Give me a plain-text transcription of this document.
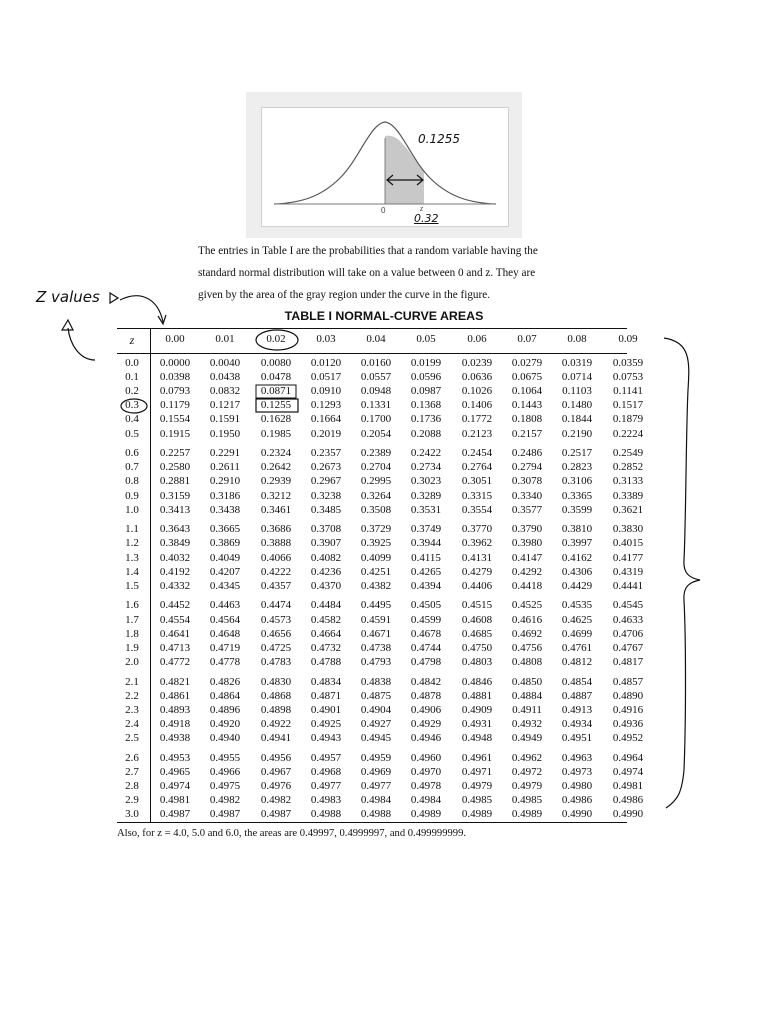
0	z
0.1255
0.32
The entries in Table I are the probabilities that a random variable having the
standard normal distribution will take on a value between 0 and z. They are
given by the area of the gray region under the curve in the figure.
Z values
TABLE I NORMAL-CURVE AREAS
z	0.00	0.01	0.02	0.03	0.04	0.05	0.06	0.07	0.08	0.09
0.0	0.0000	0.0040	0.0080	0.0120	0.0160	0.0199	0.0239	0.0279	0.0319	0.0359
0.1	0.0398	0.0438	0.0478	0.0517	0.0557	0.0596	0.0636	0.0675	0.0714	0.0753
0.2	0.0793	0.0832	0.0871	0.0910	0.0948	0.0987	0.1026	0.1064	0.1103	0.1141
0.3	0.1179	0.1217	0.1255	0.1293	0.1331	0.1368	0.1406	0.1443	0.1480	0.1517
0.4	0.1554	0.1591	0.1628	0.1664	0.1700	0.1736	0.1772	0.1808	0.1844	0.1879
0.5	0.1915	0.1950	0.1985	0.2019	0.2054	0.2088	0.2123	0.2157	0.2190	0.2224
0.6	0.2257	0.2291	0.2324	0.2357	0.2389	0.2422	0.2454	0.2486	0.2517	0.2549
0.7	0.2580	0.2611	0.2642	0.2673	0.2704	0.2734	0.2764	0.2794	0.2823	0.2852
0.8	0.2881	0.2910	0.2939	0.2967	0.2995	0.3023	0.3051	0.3078	0.3106	0.3133
0.9	0.3159	0.3186	0.3212	0.3238	0.3264	0.3289	0.3315	0.3340	0.3365	0.3389
1.0	0.3413	0.3438	0.3461	0.3485	0.3508	0.3531	0.3554	0.3577	0.3599	0.3621
1.1	0.3643	0.3665	0.3686	0.3708	0.3729	0.3749	0.3770	0.3790	0.3810	0.3830
1.2	0.3849	0.3869	0.3888	0.3907	0.3925	0.3944	0.3962	0.3980	0.3997	0.4015
1.3	0.4032	0.4049	0.4066	0.4082	0.4099	0.4115	0.4131	0.4147	0.4162	0.4177
1.4	0.4192	0.4207	0.4222	0.4236	0.4251	0.4265	0.4279	0.4292	0.4306	0.4319
1.5	0.4332	0.4345	0.4357	0.4370	0.4382	0.4394	0.4406	0.4418	0.4429	0.4441
1.6	0.4452	0.4463	0.4474	0.4484	0.4495	0.4505	0.4515	0.4525	0.4535	0.4545
1.7	0.4554	0.4564	0.4573	0.4582	0.4591	0.4599	0.4608	0.4616	0.4625	0.4633
1.8	0.4641	0.4648	0.4656	0.4664	0.4671	0.4678	0.4685	0.4692	0.4699	0.4706
1.9	0.4713	0.4719	0.4725	0.4732	0.4738	0.4744	0.4750	0.4756	0.4761	0.4767
2.0	0.4772	0.4778	0.4783	0.4788	0.4793	0.4798	0.4803	0.4808	0.4812	0.4817
2.1	0.4821	0.4826	0.4830	0.4834	0.4838	0.4842	0.4846	0.4850	0.4854	0.4857
2.2	0.4861	0.4864	0.4868	0.4871	0.4875	0.4878	0.4881	0.4884	0.4887	0.4890
2.3	0.4893	0.4896	0.4898	0.4901	0.4904	0.4906	0.4909	0.4911	0.4913	0.4916
2.4	0.4918	0.4920	0.4922	0.4925	0.4927	0.4929	0.4931	0.4932	0.4934	0.4936
2.5	0.4938	0.4940	0.4941	0.4943	0.4945	0.4946	0.4948	0.4949	0.4951	0.4952
2.6	0.4953	0.4955	0.4956	0.4957	0.4959	0.4960	0.4961	0.4962	0.4963	0.4964
2.7	0.4965	0.4966	0.4967	0.4968	0.4969	0.4970	0.4971	0.4972	0.4973	0.4974
2.8	0.4974	0.4975	0.4976	0.4977	0.4977	0.4978	0.4979	0.4979	0.4980	0.4981
2.9	0.4981	0.4982	0.4982	0.4983	0.4984	0.4984	0.4985	0.4985	0.4986	0.4986
3.0	0.4987	0.4987	0.4987	0.4988	0.4988	0.4989	0.4989	0.4989	0.4990	0.4990
Also, for z = 4.0, 5.0 and 6.0, the areas are 0.49997, 0.4999997, and 0.499999999.
